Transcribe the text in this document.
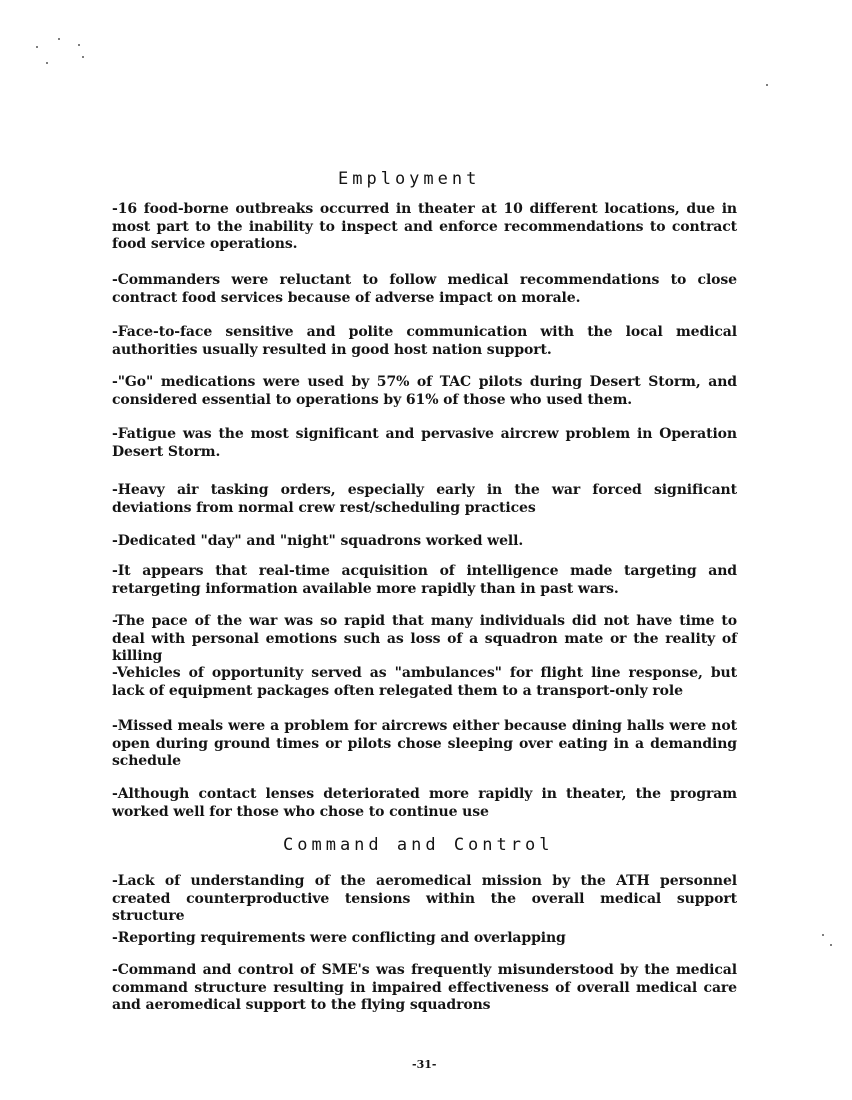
Employment

-16 food-borne outbreaks occurred in theater at 10 different locations, due in most part to the inability to inspect and enforce recommendations to contract food service operations.

-Commanders were reluctant to follow medical recommendations to close contract food services because of adverse impact on morale.

-Face-to-face sensitive and polite communication with the local medical authorities usually resulted in good host nation support.

-"Go" medications were used by 57% of TAC pilots during Desert Storm, and considered essential to operations by 61% of those who used them.

-Fatigue was the most significant and pervasive aircrew problem in Operation Desert Storm.

-Heavy air tasking orders, especially early in the war forced significant deviations from normal crew rest/scheduling practices

-Dedicated "day" and "night" squadrons worked well.

-It appears that real-time acquisition of intelligence made targeting and retargeting information available more rapidly than in past wars.

-The pace of the war was so rapid that many individuals did not have time to deal with personal emotions such as loss of a squadron mate or the reality of killing

-Vehicles of opportunity served as "ambulances" for flight line response, but lack of equipment packages often relegated them to a transport-only role

-Missed meals were a problem for aircrews either because dining halls were not open during ground times or pilots chose sleeping over eating in a demanding schedule

-Although contact lenses deteriorated more rapidly in theater, the program worked well for those who chose to continue use

Command and Control

-Lack of understanding of the aeromedical mission by the ATH personnel created counterproductive tensions within the overall medical support structure

-Reporting requirements were conflicting and overlapping

-Command and control of SME's was frequently misunderstood by the medical command structure resulting in impaired effectiveness of overall medical care and aeromedical support to the flying squadrons

-31-
